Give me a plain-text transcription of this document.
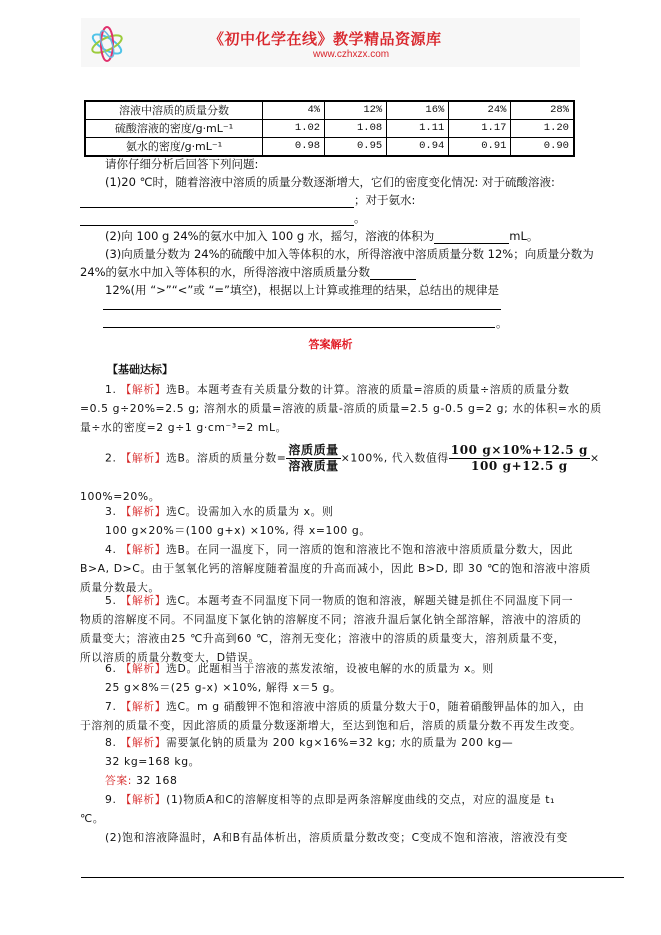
《初中化学在线》教学精品资源库
www.czhxzx.com
溶液中溶质的质量分数	4%	12%	16%	24%	28%
硫酸溶液的密度/g·mL⁻¹	1.02	1.08	1.11	1.17	1.20
氨水的密度/g·mL⁻¹	0.98	0.95	0.94	0.91	0.90
请你仔细分析后回答下列问题:
(1)20 ℃时，随着溶液中溶质的质量分数逐渐增大，它们的密度变化情况: 对于硫酸溶液:
；对于氨水:
。
(2)向 100 g 24%的氨水中加入 100 g 水，摇匀，溶液的体积为	mL。
(3)向质量分数为 24%的硫酸中加入等体积的水，所得溶液中溶质质量分数 12%；向质量分数为
24%的氨水中加入等体积的水，所得溶液中溶质质量分数
12%(用 “>”“<”或 “=”填空)，根据以上计算或推理的结果，总结出的规律是
。
答案解析
【基础达标】
1. 【解析】选B。本题考查有关质量分数的计算。溶液的质量=溶质的质量÷溶质的质量分数
=0.5 g÷20%=2.5 g; 溶剂水的质量=溶液的质量-溶质的质量=2.5 g-0.5 g=2 g; 水的体积=水的质
量÷水的密度=2 g÷1 g·cm⁻³=2 mL。
2. 【解析】选B。溶质的质量分数= $\frac{\text{溶质质量}}{\text{溶液质量}} \times 100\%$, 代入数值得 $\frac{100 g\times 10\%+12.5 g}{100 g+12.5 g}$ ×
100%=20%。
3. 【解析】选C。设需加入水的质量为 x。则
100 g×20%＝(100 g+x) ×10%, 得 x=100 g。
4. 【解析】选B。在同一温度下，同一溶质的饱和溶液比不饱和溶液中溶质质量分数大，因此
B>A, D>C。由于氢氧化钙的溶解度随着温度的升高而减小，因此 B>D, 即 30 ℃的饱和溶液中溶质
质量分数最大。
5. 【解析】选C。本题考查不同温度下同一物质的饱和溶液，解题关键是抓住不同温度下同一
物质的溶解度不同。不同温度下氯化钠的溶解度不同；溶液升温后氯化钠全部溶解，溶液中的溶质的
质量变大；溶液由25 ℃升高到60 ℃，溶剂无变化；溶液中的溶质的质量变大，溶剂质量不变，
所以溶质的质量分数变大，D错误。
6. 【解析】选D。此题相当于溶液的蒸发浓缩，设被电解的水的质量为 x。则
25 g×8%＝(25 g-x) ×10%, 解得 x＝5 g。
7. 【解析】选C。m g 硝酸钾不饱和溶液中溶质的质量分数大于0，随着硝酸钾晶体的加入，由
于溶剂的质量不变，因此溶质的质量分数逐渐增大，至达到饱和后，溶质的质量分数不再发生改变。
8. 【解析】需要氯化钠的质量为 200 kg×16%=32 kg; 水的质量为 200 kg—
32 kg=168 kg。
答案: 32 168
9. 【解析】(1)物质A和C的溶解度相等的点即是两条溶解度曲线的交点，对应的温度是 t₁
℃。
(2)饱和溶液降温时，A和B有晶体析出，溶质质量分数改变；C变成不饱和溶液，溶液没有变
